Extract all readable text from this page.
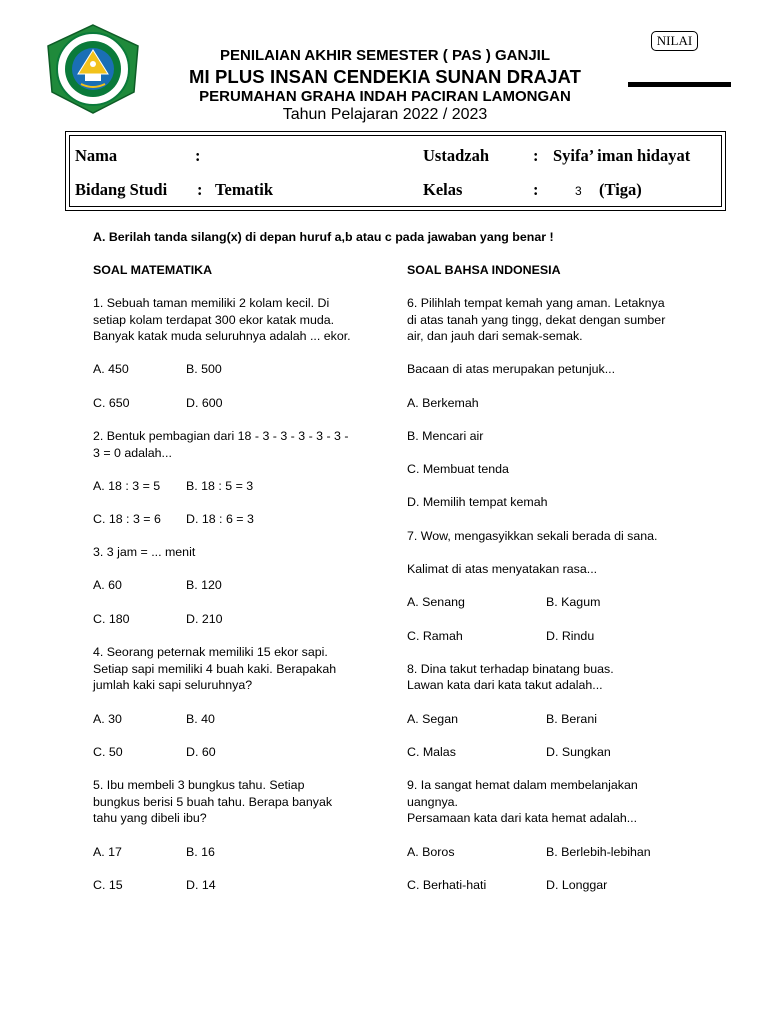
PENILAIAN AKHIR SEMESTER ( PAS ) GANJIL
MI PLUS INSAN CENDEKIA SUNAN DRAJAT
PERUMAHAN GRAHA INDAH PACIRAN LAMONGAN
Tahun Pelajaran 2022 / 2023
NILAI
Nama	:	Ustadzah	: Syifa’ iman hidayat
Bidang Studi : Tematik	Kelas	:	3 (Tiga)
A. Berilah tanda silang(x) di depan huruf a,b atau c pada jawaban yang benar !
SOAL MATEMATIKA
1. Sebuah taman memiliki 2 kolam kecil. Di
setiap kolam terdapat 300 ekor katak muda.
Banyak katak muda seluruhnya adalah ... ekor.
A. 450	B. 500
C. 650	D. 600
2. Bentuk pembagian dari 18 - 3 - 3 - 3 - 3 - 3 -
3 = 0 adalah...
A. 18 : 3 = 5 B. 18 : 5 = 3
C. 18 : 3 = 6 D. 18 : 6 = 3
3. 3 jam = ... menit
A. 60	B. 120
C. 180	D. 210
4. Seorang peternak memiliki 15 ekor sapi.
Setiap sapi memiliki 4 buah kaki. Berapakah
jumlah kaki sapi seluruhnya?
A. 30	B. 40
C. 50	D. 60
5. Ibu membeli 3 bungkus tahu. Setiap
bungkus berisi 5 buah tahu. Berapa banyak
tahu yang dibeli ibu?
A. 17	B. 16
C. 15	D. 14
SOAL BAHSA INDONESIA
6. Pilihlah tempat kemah yang aman. Letaknya
di atas tanah yang tingg, dekat dengan sumber
air, dan jauh dari semak-semak.
Bacaan di atas merupakan petunjuk...
A. Berkemah
B. Mencari air
C. Membuat tenda
D. Memilih tempat kemah
7. Wow, mengasyikkan sekali berada di sana.
Kalimat di atas menyatakan rasa...
A. Senang	B. Kagum
C. Ramah	D. Rindu
8. Dina takut terhadap binatang buas.
Lawan kata dari kata takut adalah...
A. Segan	B. Berani
C. Malas	D. Sungkan
9. Ia sangat hemat dalam membelanjakan
uangnya.
Persamaan kata dari kata hemat adalah...
A. Boros	B. Berlebih-lebihan
C. Berhati-hati	D. Longgar
